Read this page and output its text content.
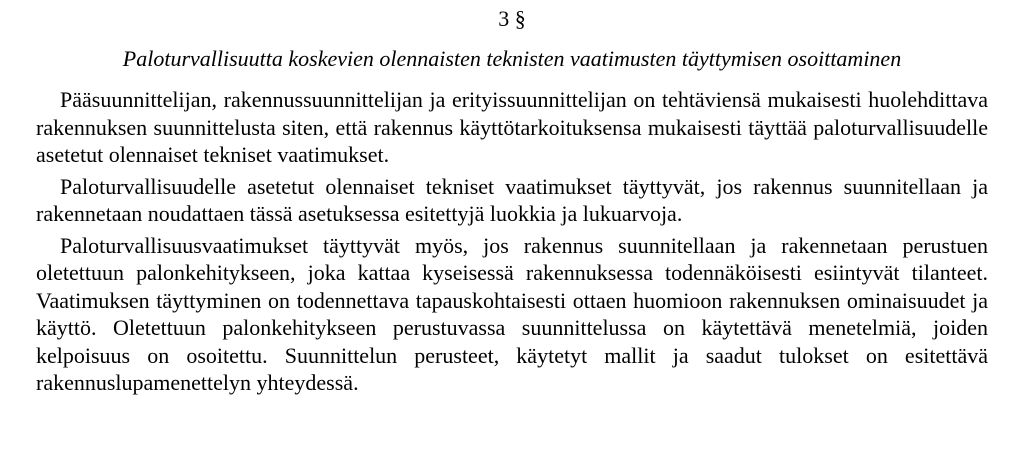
3 §
Paloturvallisuutta koskevien olennaisten teknisten vaatimusten täyttymisen osoittaminen

Pääsuunnittelijan, rakennussuunnittelijan ja erityissuunnittelijan on tehtäviensä mukaisesti huolehdittava rakennuksen suunnittelusta siten, että rakennus käyttötarkoituksensa mukaisesti täyttää paloturvallisuudelle asetetut olennaiset tekniset vaatimukset.

Paloturvallisuudelle asetetut olennaiset tekniset vaatimukset täyttyvät, jos rakennus suunnitellaan ja rakennetaan noudattaen tässä asetuksessa esitettyjä luokkia ja lukuarvoja.

Paloturvallisuusvaatimukset täyttyvät myös, jos rakennus suunnitellaan ja rakennetaan perustuen oletettuun palonkehitykseen, joka kattaa kyseisessä rakennuksessa todennäköisesti esiintyvät tilanteet. Vaatimuksen täyttyminen on todennettava tapauskohtaisesti ottaen huomioon rakennuksen ominaisuudet ja käyttö. Oletettuun palonkehitykseen perustuvassa suunnittelussa on käytettävä menetelmiä, joiden kelpoisuus on osoitettu. Suunnittelun perusteet, käytetyt mallit ja saadut tulokset on esitettävä rakennuslupamenettelyn yhteydessä.
